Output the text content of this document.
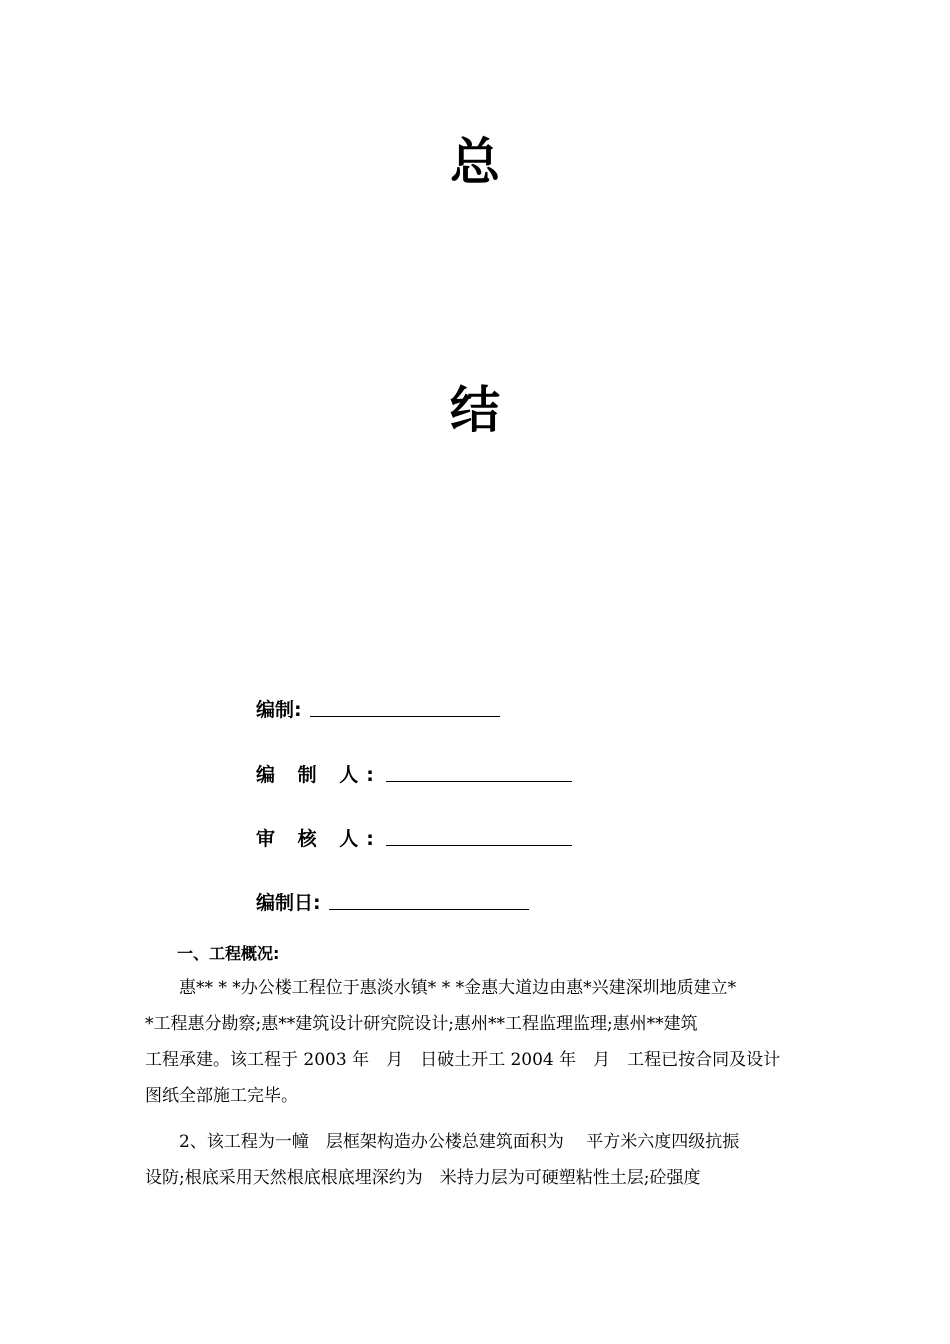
总
结
编制:
编 制 人:
审 核 人:
编制日:
一、工程概况:
　　惠** * *办公楼工程位于惠淡水镇* * *金惠大道边由惠*兴建深圳地质建立*
*工程惠分勘察;惠**建筑设计研究院设计;惠州**工程监理监理;惠州**建筑
工程承建。该工程于 2003 年　月　日破土开工 2004 年　月　工程已按合同及设计
图纸全部施工完毕。
　　2、该工程为一幢　层框架构造办公楼总建筑面积为　 平方米六度四级抗振
设防;根底采用天然根底根底埋深约为　米持力层为可硬塑粘性土层;砼强度
